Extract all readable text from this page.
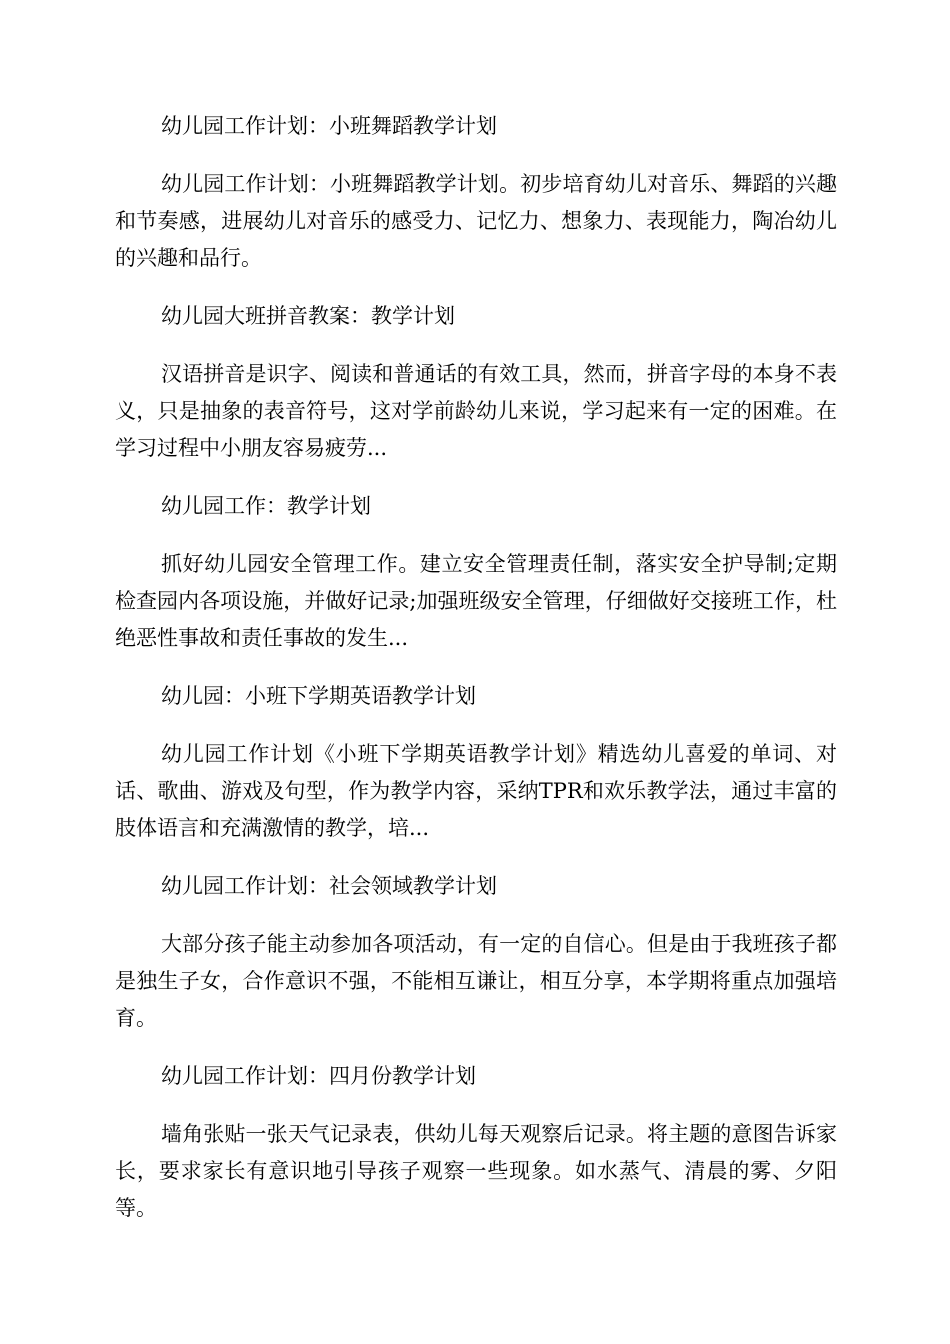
幼儿园工作计划：小班舞蹈教学计划

幼儿园工作计划：小班舞蹈教学计划。初步培育幼儿对音乐、舞蹈的兴趣和节奏感，进展幼儿对音乐的感受力、记忆力、想象力、表现能力，陶冶幼儿的兴趣和品行。

幼儿园大班拼音教案：教学计划

汉语拼音是识字、阅读和普通话的有效工具，然而，拼音字母的本身不表义，只是抽象的表音符号，这对学前龄幼儿来说，学习起来有一定的困难。在学习过程中小朋友容易疲劳...

幼儿园工作：教学计划

抓好幼儿园安全管理工作。建立安全管理责任制，落实安全护导制;定期检查园内各项设施，并做好记录;加强班级安全管理，仔细做好交接班工作，杜绝恶性事故和责任事故的发生...

幼儿园：小班下学期英语教学计划

幼儿园工作计划《小班下学期英语教学计划》精选幼儿喜爱的单词、对话、歌曲、游戏及句型，作为教学内容，采纳TPR和欢乐教学法，通过丰富的肢体语言和充满激情的教学，培...

幼儿园工作计划：社会领域教学计划

大部分孩子能主动参加各项活动，有一定的自信心。但是由于我班孩子都是独生子女，合作意识不强，不能相互谦让，相互分享，本学期将重点加强培育。

幼儿园工作计划：四月份教学计划

墙角张贴一张天气记录表，供幼儿每天观察后记录。将主题的意图告诉家长，要求家长有意识地引导孩子观察一些现象。如水蒸气、清晨的雾、夕阳等。
